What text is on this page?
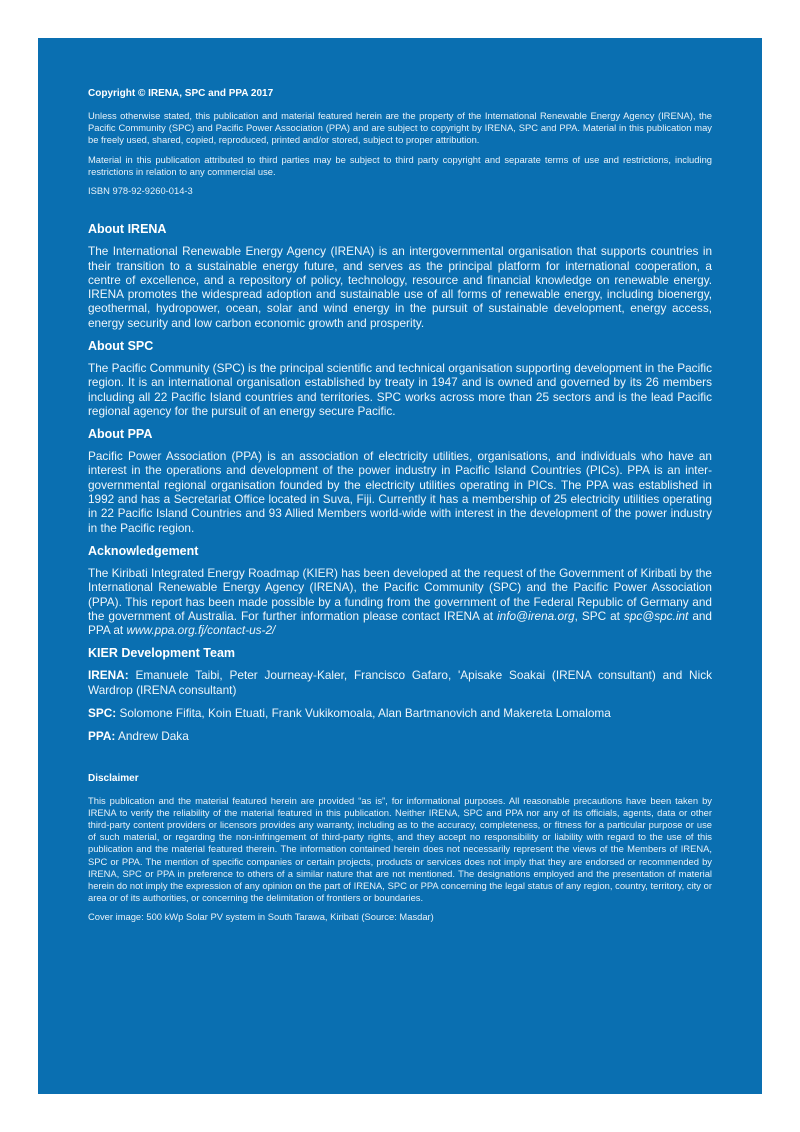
Copyright © IRENA, SPC and PPA 2017

Unless otherwise stated, this publication and material featured herein are the property of the International Renewable Energy Agency (IRENA), the Pacific Community (SPC) and Pacific Power Association (PPA) and are subject to copyright by IRENA, SPC and PPA. Material in this publication may be freely used, shared, copied, reproduced, printed and/or stored, subject to proper attribution.

Material in this publication attributed to third parties may be subject to third party copyright and separate terms of use and restrictions, including restrictions in relation to any commercial use.

ISBN 978-92-9260-014-3

About IRENA

The International Renewable Energy Agency (IRENA) is an intergovernmental organisation that supports countries in their transition to a sustainable energy future, and serves as the principal platform for international cooperation, a centre of excellence, and a repository of policy, technology, resource and financial knowledge on renewable energy. IRENA promotes the widespread adoption and sustainable use of all forms of renewable energy, including bioenergy, geothermal, hydropower, ocean, solar and wind energy in the pursuit of sustainable development, energy access, energy security and low carbon economic growth and prosperity.

About SPC

The Pacific Community (SPC) is the principal scientific and technical organisation supporting development in the Pacific region. It is an international organisation established by treaty in 1947 and is owned and governed by its 26 members including all 22 Pacific Island countries and territories. SPC works across more than 25 sectors and is the lead Pacific regional agency for the pursuit of an energy secure Pacific.

About PPA

Pacific Power Association (PPA) is an association of electricity utilities, organisations, and individuals who have an interest in the operations and development of the power industry in Pacific Island Countries (PICs). PPA is an inter-governmental regional organisation founded by the electricity utilities operating in PICs. The PPA was established in 1992 and has a Secretariat Office located in Suva, Fiji. Currently it has a membership of 25 electricity utilities operating in 22 Pacific Island Countries and 93 Allied Members world-wide with interest in the development of the power industry in the Pacific region.

Acknowledgement

The Kiribati Integrated Energy Roadmap (KIER) has been developed at the request of the Government of Kiribati by the International Renewable Energy Agency (IRENA), the Pacific Community (SPC) and the Pacific Power Association (PPA). This report has been made possible by a funding from the government of the Federal Republic of Germany and the government of Australia. For further information please contact IRENA at info@irena.org, SPC at spc@spc.int and PPA at www.ppa.org.fj/contact-us-2/

KIER Development Team

IRENA: Emanuele Taibi, Peter Journeay-Kaler, Francisco Gafaro, 'Apisake Soakai (IRENA consultant) and Nick Wardrop (IRENA consultant)

SPC: Solomone Fifita, Koin Etuati, Frank Vukikomoala, Alan Bartmanovich and Makereta Lomaloma

PPA: Andrew Daka

Disclaimer

This publication and the material featured herein are provided “as is”, for informational purposes. All reasonable precautions have been taken by IRENA to verify the reliability of the material featured in this publication. Neither IRENA, SPC and PPA nor any of its officials, agents, data or other third-party content providers or licensors provides any warranty, including as to the accuracy, completeness, or fitness for a particular purpose or use of such material, or regarding the non-infringement of third-party rights, and they accept no responsibility or liability with regard to the use of this publication and the material featured therein. The information contained herein does not necessarily represent the views of the Members of IRENA, SPC or PPA. The mention of specific companies or certain projects, products or services does not imply that they are endorsed or recommended by IRENA, SPC or PPA in preference to others of a similar nature that are not mentioned. The designations employed and the presentation of material herein do not imply the expression of any opinion on the part of IRENA, SPC or PPA concerning the legal status of any region, country, territory, city or area or of its authorities, or concerning the delimitation of frontiers or boundaries.

Cover image: 500 kWp Solar PV system in South Tarawa, Kiribati (Source: Masdar)
